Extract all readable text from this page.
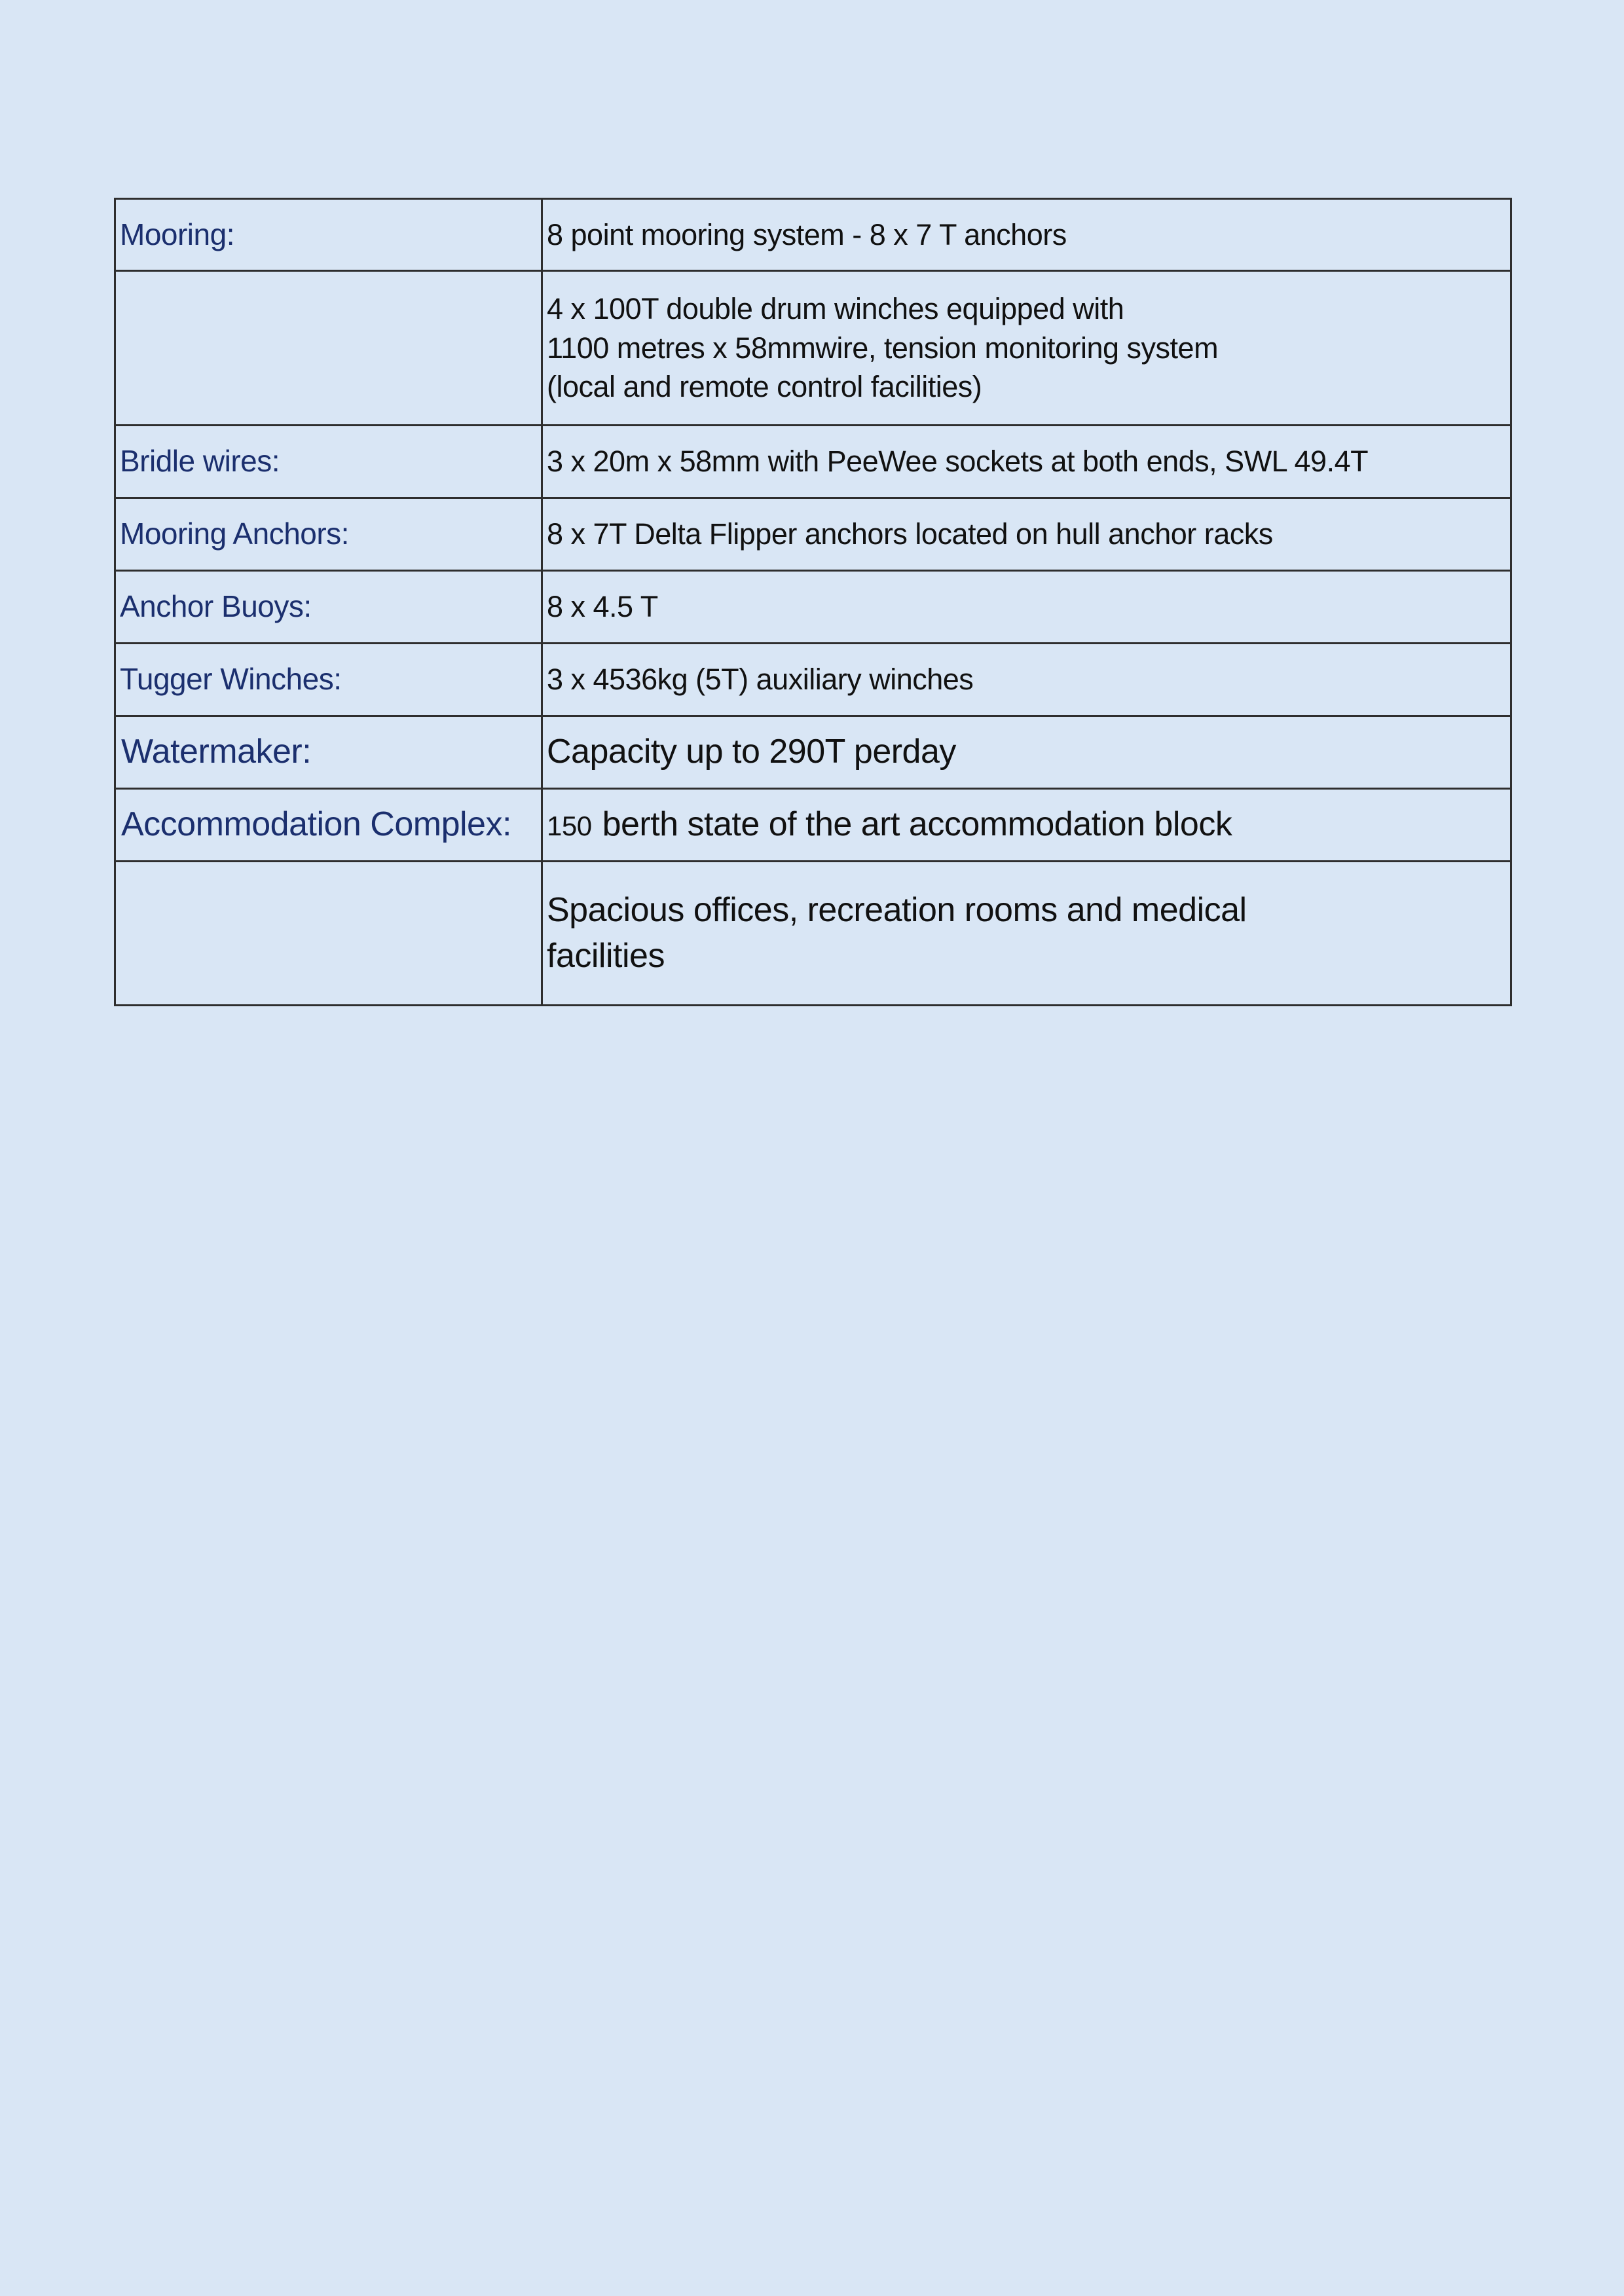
Mooring:	8 point mooring system - 8 x 7 T anchors

	4 x 100T double drum winches equipped with
1100 metres x 58mmwire, tension monitoring system
(local and remote control facilities)

Bridle wires:	3 x 20m x 58mm with PeeWee sockets at both ends, SWL 49.4T

Mooring Anchors:	8 x 7T Delta Flipper anchors located on hull anchor racks

Anchor Buoys:	8 x 4.5 T

Tugger Winches:	3 x 4536kg (5T) auxiliary winches

Watermaker:	Capacity up to 290T perday

Accommodation Complex:	150 berth state of the art accommodation block

	Spacious offices, recreation rooms and medical
facilities
